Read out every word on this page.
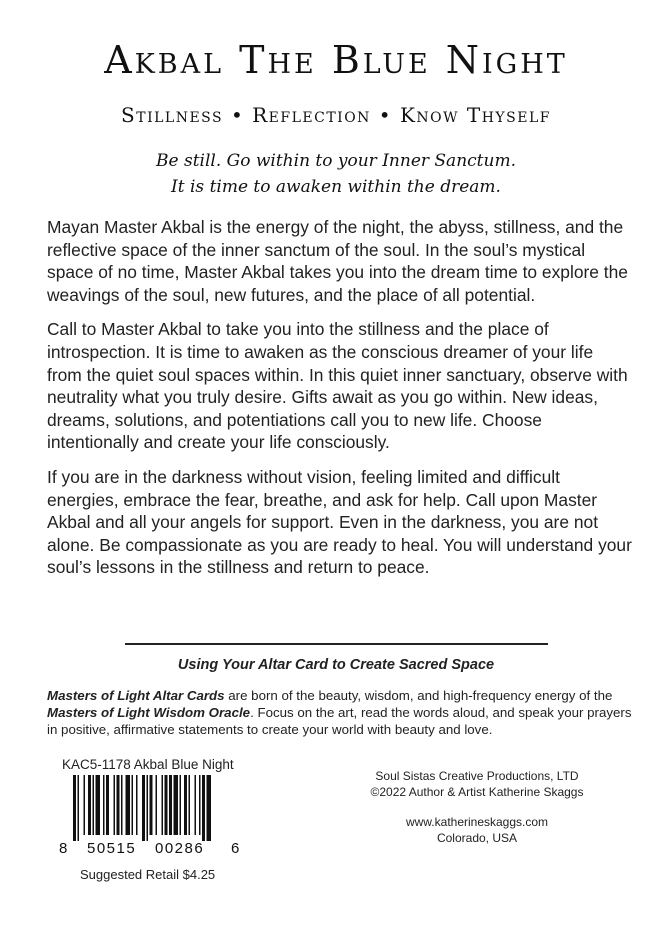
Akbal The Blue Night
Stillness • Reflection • Know Thyself
Be still. Go within to your Inner Sanctum.
It is time to awaken within the dream.

Mayan Master Akbal is the energy of the night, the abyss, stillness, and the reflective space of the inner sanctum of the soul. In the soul’s mystical space of no time, Master Akbal takes you into the dream time to explore the weavings of the soul, new futures, and the place of all potential.

Call to Master Akbal to take you into the stillness and the place of introspection. It is time to awaken as the conscious dreamer of your life from the quiet soul spaces within. In this quiet inner sanctuary, observe with neutrality what you truly desire. Gifts await as you go within. New ideas, dreams, solutions, and potentiations call you to new life. Choose intentionally and create your life consciously.

If you are in the darkness without vision, feeling limited and difficult energies, embrace the fear, breathe, and ask for help. Call upon Master Akbal and all your angels for support. Even in the darkness, you are not alone. Be compassionate as you are ready to heal. You will understand your soul’s lessons in the stillness and return to peace.

Using Your Altar Card to Create Sacred Space
Masters of Light Altar Cards are born of the beauty, wisdom, and high-frequency energy of the Masters of Light Wisdom Oracle. Focus on the art, read the words aloud, and speak your prayers in positive, affirmative statements to create your world with beauty and love.
KAC5-1178 Akbal Blue Night
8 50515 00286 6
Suggested Retail $4.25
Soul Sistas Creative Productions, LTD
©2022 Author & Artist Katherine Skaggs
www.katherineskaggs.com
Colorado, USA
